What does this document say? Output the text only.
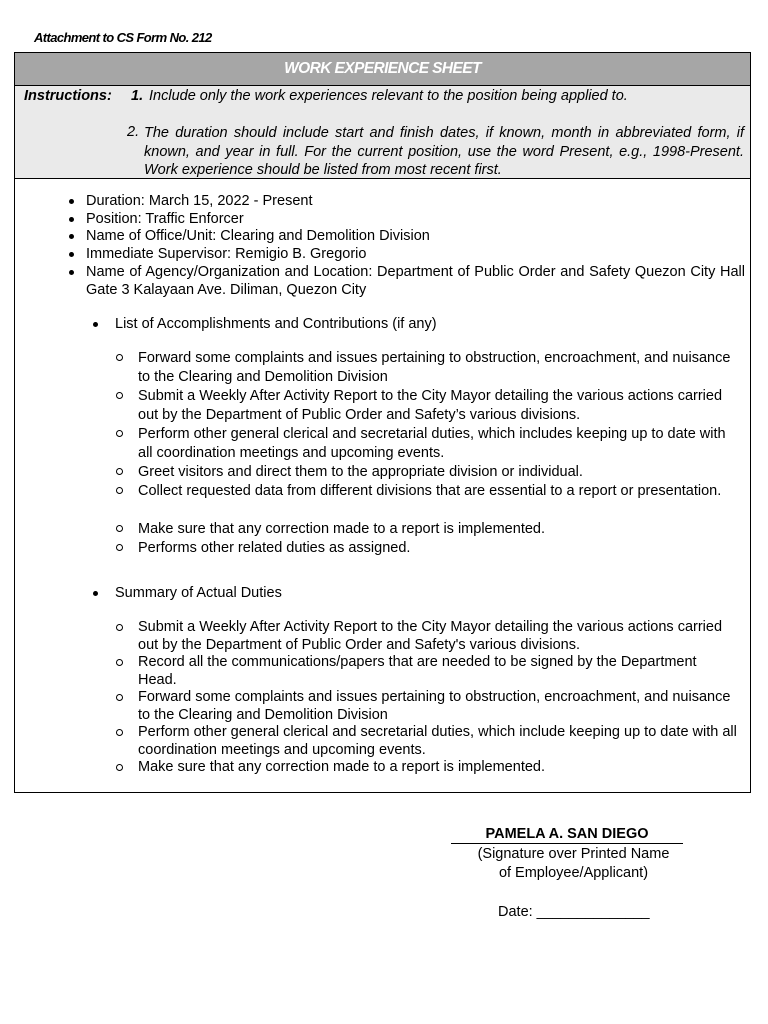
Attachment to CS Form No. 212
WORK EXPERIENCE SHEET
Instructions: 1. Include only the work experiences relevant to the position being applied to.
2. The duration should include start and finish dates, if known, month in abbreviated form, if known, and year in full. For the current position, use the word Present, e.g., 1998-Present. Work experience should be listed from most recent first.
Duration: March 15, 2022 - Present
Position: Traffic Enforcer
Name of Office/Unit: Clearing and Demolition Division
Immediate Supervisor: Remigio B. Gregorio
Name of Agency/Organization and Location: Department of Public Order and Safety Quezon City Hall Gate 3 Kalayaan Ave. Diliman, Quezon City
List of Accomplishments and Contributions (if any)
Forward some complaints and issues pertaining to obstruction, encroachment, and nuisance to the Clearing and Demolition Division
Submit a Weekly After Activity Report to the City Mayor detailing the various actions carried out by the Department of Public Order and Safety’s various divisions.
Perform other general clerical and secretarial duties, which includes keeping up to date with all coordination meetings and upcoming events.
Greet visitors and direct them to the appropriate division or individual.
Collect requested data from different divisions that are essential to a report or presentation.
Make sure that any correction made to a report is implemented.
Performs other related duties as assigned.
Summary of Actual Duties
Submit a Weekly After Activity Report to the City Mayor detailing the various actions carried out by the Department of Public Order and Safety's various divisions.
Record all the communications/papers that are needed to be signed by the Department Head.
Forward some complaints and issues pertaining to obstruction, encroachment, and nuisance to the Clearing and Demolition Division
Perform other general clerical and secretarial duties, which include keeping up to date with all coordination meetings and upcoming events.
Make sure that any correction made to a report is implemented.
PAMELA A. SAN DIEGO
(Signature over Printed Name
of Employee/Applicant)
Date: ______________
